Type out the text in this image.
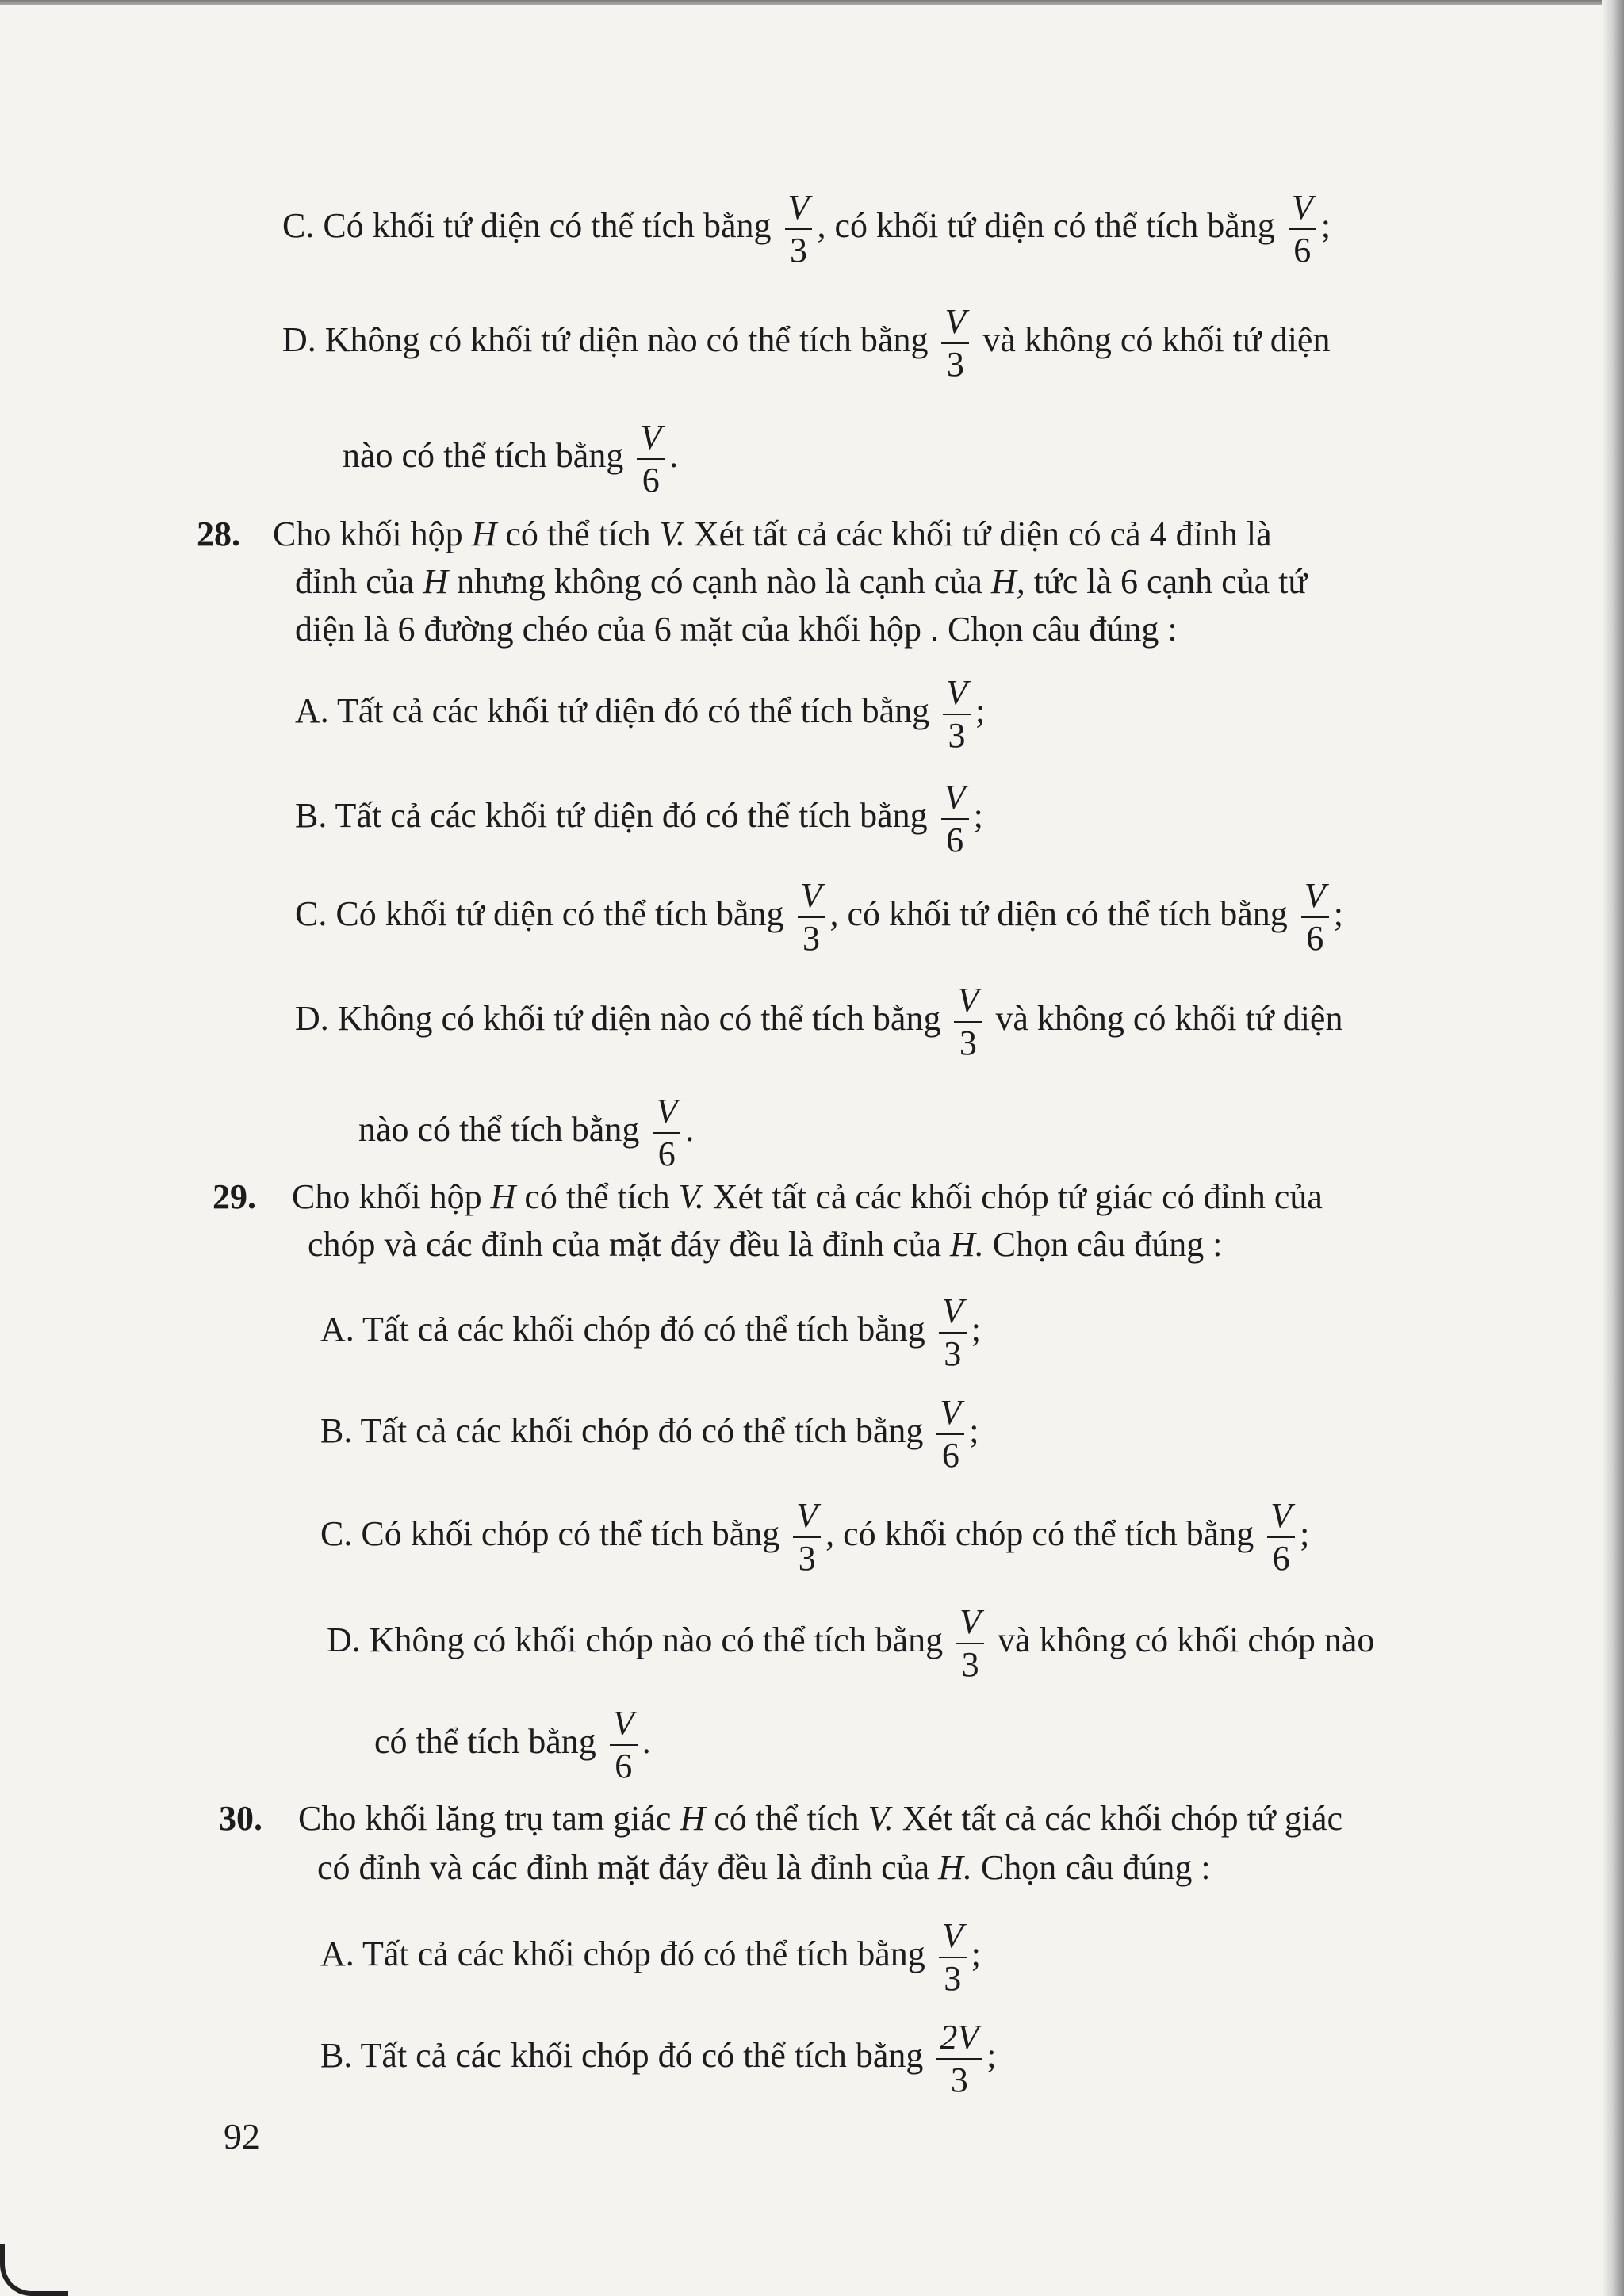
C. Có khối tứ diện có thể tích bằng $\frac{V}{3}$ , có khối tứ diện có thể tích bằng $\frac{V}{6}$ ;
D. Không có khối tứ diện nào có thể tích bằng $\frac{V}{3}$ và không có khối tứ diện
nào có thể tích bằng $\frac{V}{6}$ .
28. Cho khối hộp H có thể tích V. Xét tất cả các khối tứ diện có cả 4 đỉnh là
đỉnh của H nhưng không có cạnh nào là cạnh của H, tức là 6 cạnh của tứ
diện là 6 đường chéo của 6 mặt của khối hộp . Chọn câu đúng :
A. Tất cả các khối tứ diện đó có thể tích bằng $\frac{V}{3}$ ;
B. Tất cả các khối tứ diện đó có thể tích bằng $\frac{V}{6}$ ;
C. Có khối tứ diện có thể tích bằng $\frac{V}{3}$ , có khối tứ diện có thể tích bằng $\frac{V}{6}$ ;
D. Không có khối tứ diện nào có thể tích bằng $\frac{V}{3}$ và không có khối tứ diện
nào có thể tích bằng $\frac{V}{6}$ .
29. Cho khối hộp H có thể tích V. Xét tất cả các khối chóp tứ giác có đỉnh của
chóp và các đỉnh của mặt đáy đều là đỉnh của H. Chọn câu đúng :
A. Tất cả các khối chóp đó có thể tích bằng $\frac{V}{3}$ ;
B. Tất cả các khối chóp đó có thể tích bằng $\frac{V}{6}$ ;
C. Có khối chóp có thể tích bằng $\frac{V}{3}$ , có khối chóp có thể tích bằng $\frac{V}{6}$ ;
D. Không có khối chóp nào có thể tích bằng $\frac{V}{3}$ và không có khối chóp nào
có thể tích bằng $\frac{V}{6}$ .
30. Cho khối lăng trụ tam giác H có thể tích V. Xét tất cả các khối chóp tứ giác
có đỉnh và các đỉnh mặt đáy đều là đỉnh của H. Chọn câu đúng :
A. Tất cả các khối chóp đó có thể tích bằng $\frac{V}{3}$ ;
B. Tất cả các khối chóp đó có thể tích bằng $\frac{2V}{3}$ ;
92
